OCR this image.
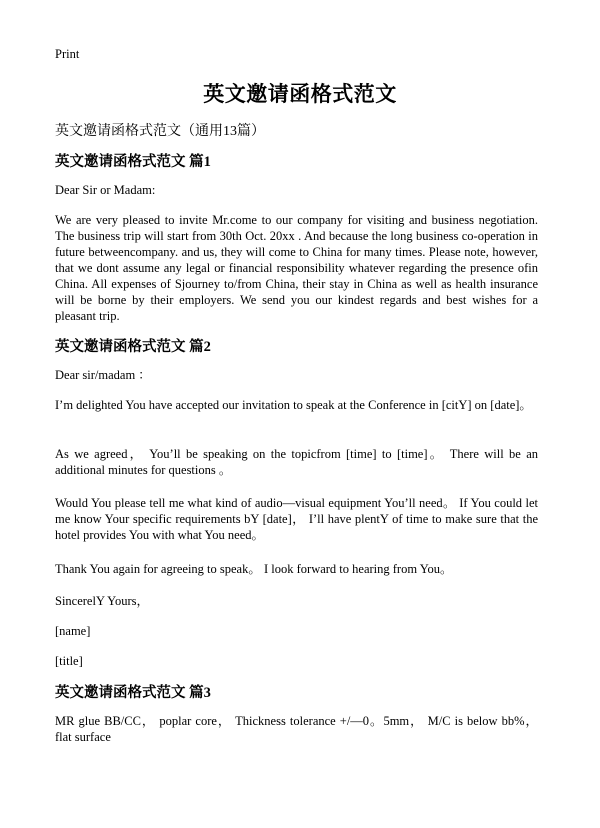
Print
英文邀请函格式范文
英文邀请函格式范文（通用13篇）
英文邀请函格式范文 篇1
Dear Sir or Madam:
We are very pleased to invite Mr.come to our company for visiting and business negotiation. The business trip will start from 30th Oct. 20xx . And because the long business co-operation in future betweencompany. and us, they will come to China for many times. Please note, however, that we dont assume any legal or financial responsibility whatever regarding the presence ofin China. All expenses of Sjourney to/from China, their stay in China as well as health insurance will be borne by their employers. We send you our kindest regards and best wishes for a pleasant trip.
英文邀请函格式范文 篇2
Dear sir/madam ：
I’m delighted You have accepted our invitation to speak at the Conference in [citY] on [date]。
As we agreed， You’ll be speaking on the topicfrom [time] to [time]。 There will be an additional minutes for questions 。
Would You please tell me what kind of audio—visual equipment You’ll need。 If You could let me know Your specific requirements bY [date]， I’ll have plentY of time to make sure that the hotel provides You with what You need。
Thank You again for agreeing to speak。 I look forward to hearing from You。
SincerelY Yours，
[name]
[title]
英文邀请函格式范文 篇3
MR glue BB/CC， poplar core， Thickness tolerance +/—0。5mm， M/C is below bb%， flat surface
